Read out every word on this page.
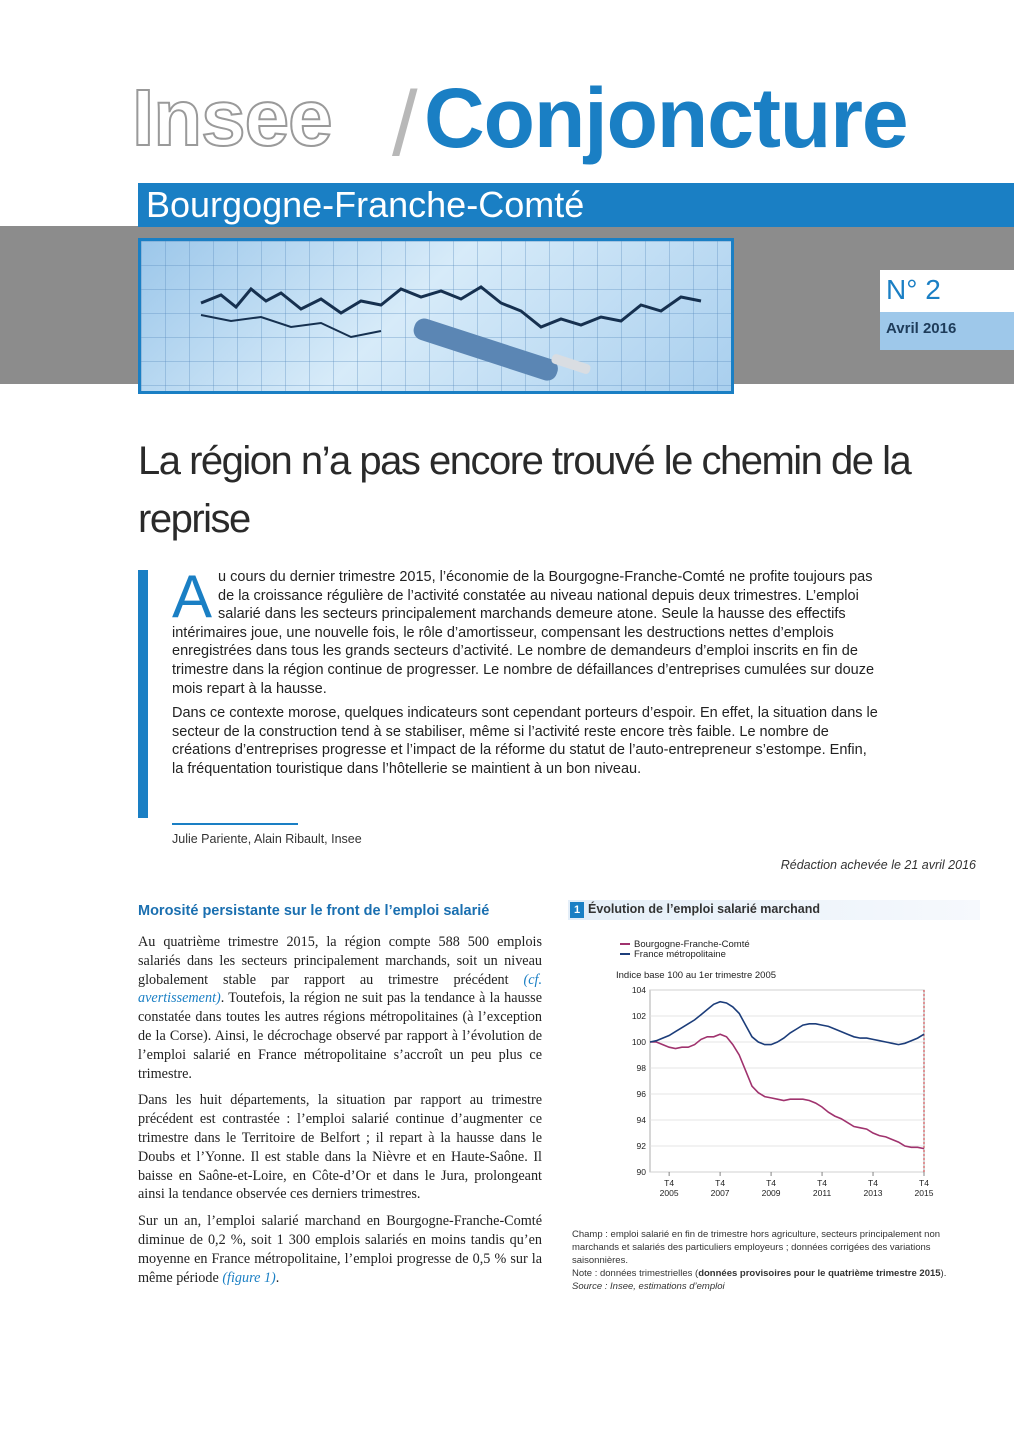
Insee / Conjoncture
Bourgogne-Franche-Comté
N° 2
Avril 2016
La région n’a pas encore trouvé le chemin de la reprise

Au cours du dernier trimestre 2015, l’économie de la Bourgogne-Franche-Comté ne profite toujours pas de la croissance régulière de l’activité constatée au niveau national depuis deux trimestres. L’emploi salarié dans les secteurs principalement marchands demeure atone. Seule la hausse des effectifs intérimaires joue, une nouvelle fois, le rôle d’amortisseur, compensant les destructions nettes d’emplois enregistrées dans tous les grands secteurs d’activité. Le nombre de demandeurs d’emploi inscrits en fin de trimestre dans la région continue de progresser. Le nombre de défaillances d’entreprises cumulées sur douze mois repart à la hausse.

Dans ce contexte morose, quelques indicateurs sont cependant porteurs d’espoir. En effet, la situation dans le secteur de la construction tend à se stabiliser, même si l’activité reste encore très faible. Le nombre de créations d’entreprises progresse et l’impact de la réforme du statut de l’auto-entrepreneur s’estompe. Enfin, la fréquentation touristique dans l’hôtellerie se maintient à un bon niveau.

Julie Pariente, Alain Ribault, Insee
Rédaction achevée le 21 avril 2016
Morosité persistante sur le front de l’emploi salarié

Au quatrième trimestre 2015, la région compte 588 500 emplois salariés dans les secteurs principalement marchands, soit un niveau globalement stable par rapport au trimestre précédent (cf. avertissement). Toutefois, la région ne suit pas la tendance à la hausse constatée dans toutes les autres régions métropolitaines (à l’exception de la Corse). Ainsi, le décrochage observé par rapport à l’évolution de l’emploi salarié en France métropolitaine s’accroît un peu plus ce trimestre.

Dans les huit départements, la situation par rapport au trimestre précédent est contrastée : l’emploi salarié continue d’augmenter ce trimestre dans le Territoire de Belfort ; il repart à la hausse dans le Doubs et l’Yonne. Il est stable dans la Nièvre et en Haute-Saône. Il baisse en Saône-et-Loire, en Côte-d’Or et dans le Jura, prolongeant ainsi la tendance observée ces derniers trimestres.

Sur un an, l’emploi salarié marchand en Bourgogne-Franche-Comté diminue de 0,2 %, soit 1 300 emplois salariés en moins tandis qu’en moyenne en France métropolitaine, l’emploi progresse de 0,5 % sur la même période (figure 1).

1 Évolution de l’emploi salarié marchand
Bourgogne-Franche-Comté
France métropolitaine
Indice base 100 au 1er trimestre 2005
104
102
100
98
96
94
92
90
T4
2005
T4
2007
T4
2009
T4
2011
T4
2013
T4
2015

Champ : emploi salarié en fin de trimestre hors agriculture, secteurs principalement non marchands et salariés des particuliers employeurs ; données corrigées des variations saisonnières.

Note : données trimestrielles (données provisoires pour le quatrième trimestre 2015).

Source : Insee, estimations d’emploi
